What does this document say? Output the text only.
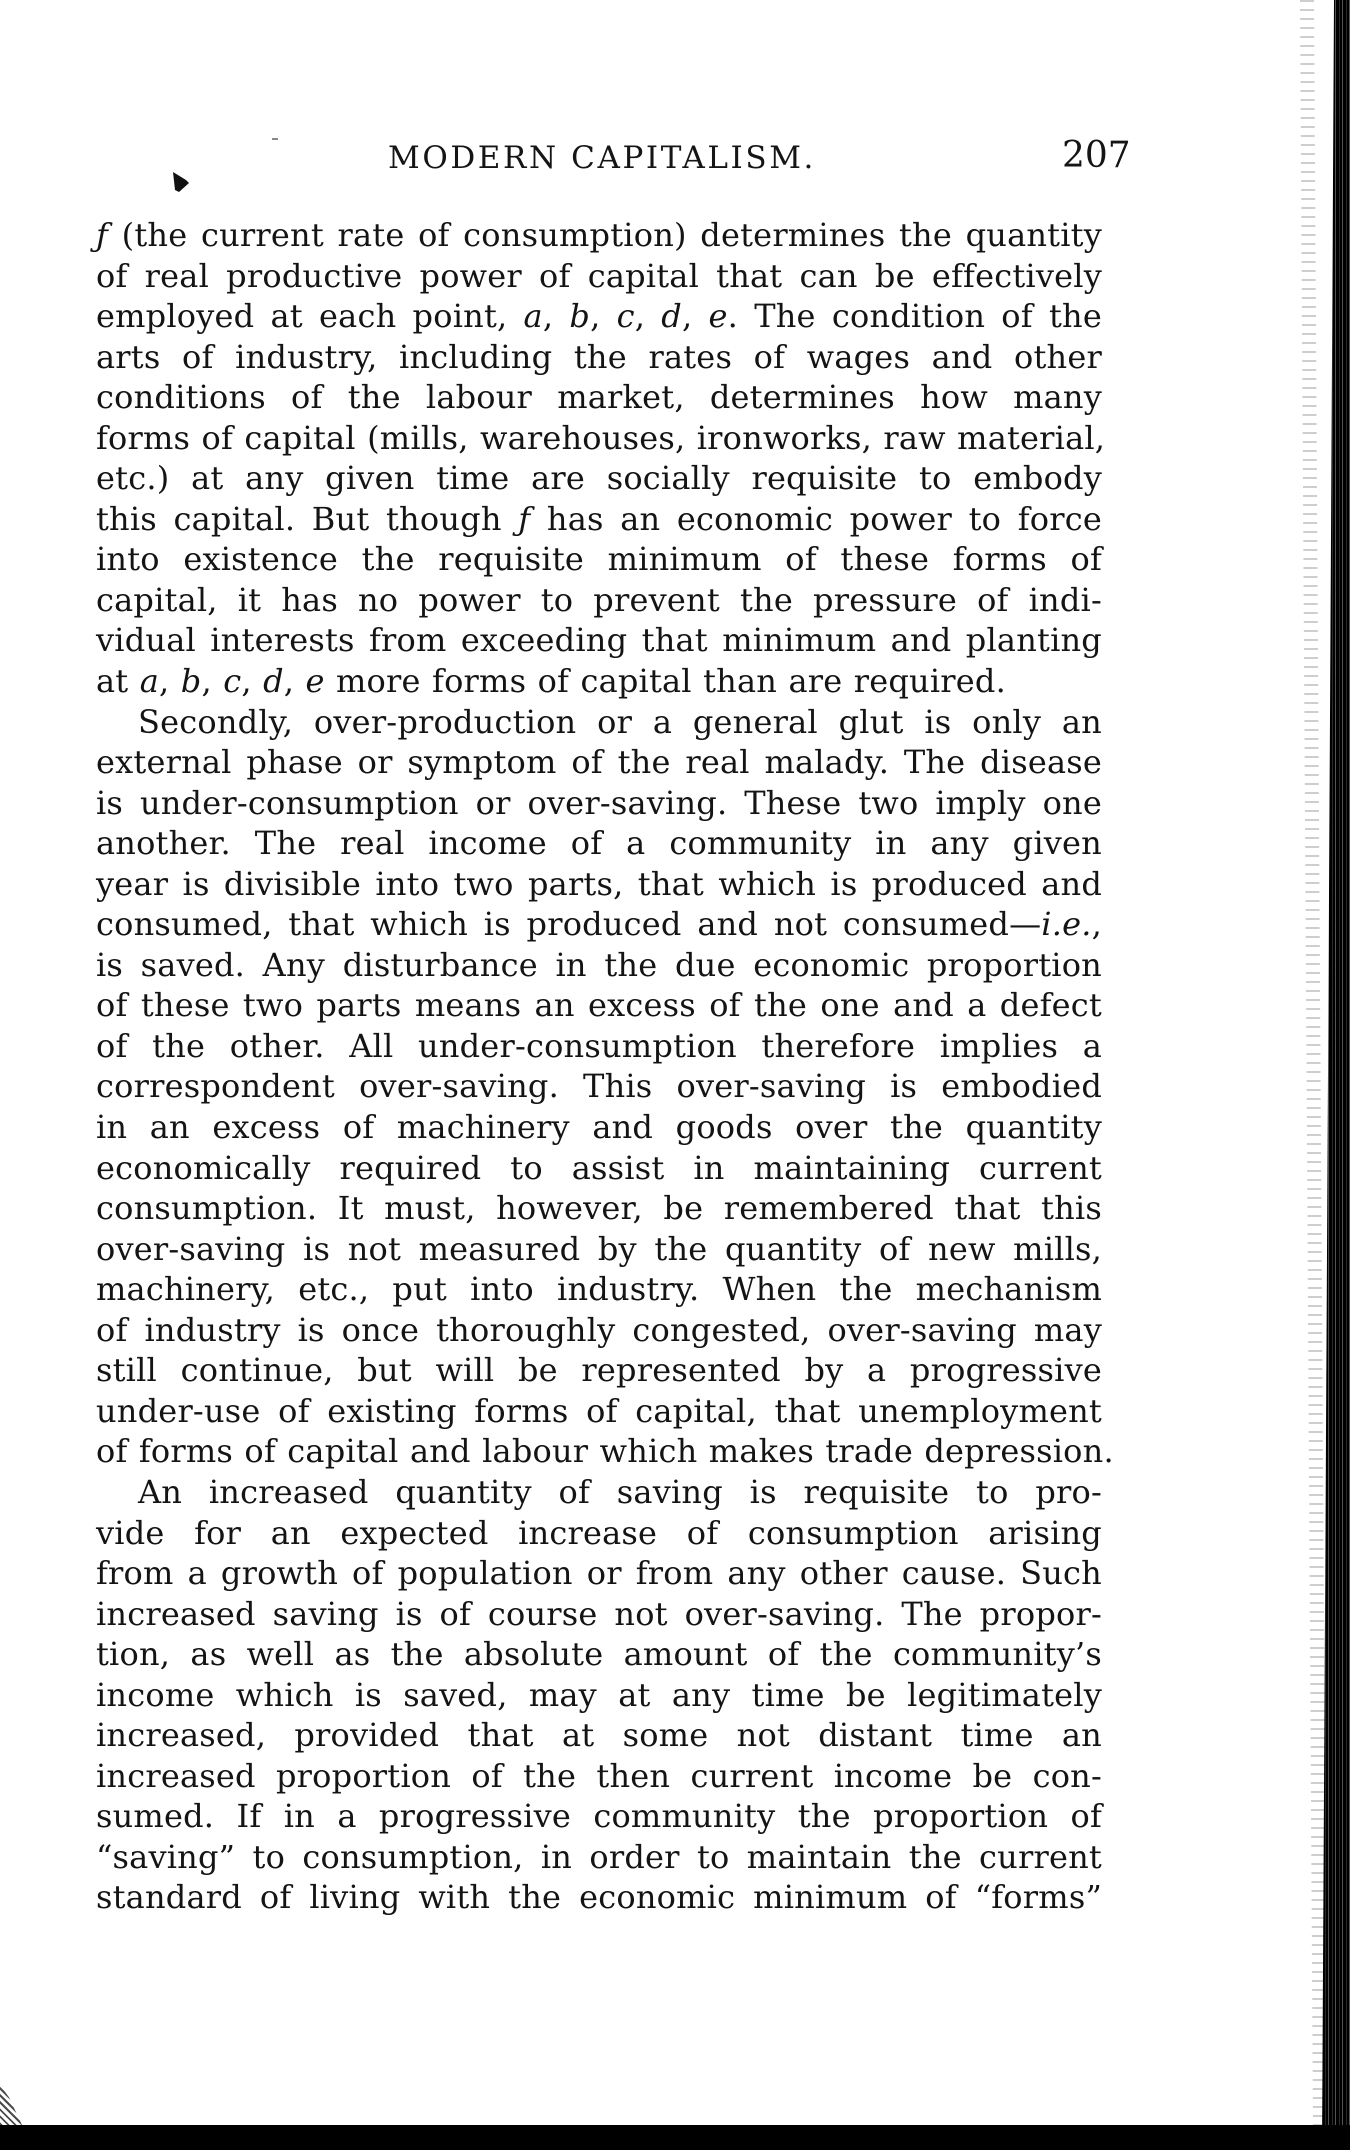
MODERN CAPITALISM.	207
ƒ (the current rate of consumption) determines the quantity
of real productive power of capital that can be effectively
employed at each point, a, b, c, d, e. The condition of the
arts of industry, including the rates of wages and other
conditions of the labour market, determines how many
forms of capital (mills, warehouses, ironworks, raw material,
etc.) at any given time are socially requisite to embody
this capital. But though ƒ has an economic power to force
into existence the requisite minimum of these forms of
capital, it has no power to prevent the pressure of indi-
vidual interests from exceeding that minimum and planting
at a, b, c, d, e more forms of capital than are required.
Secondly, over-production or a general glut is only an
external phase or symptom of the real malady. The disease
is under-consumption or over-saving. These two imply one
another. The real income of a community in any given
year is divisible into two parts, that which is produced and
consumed, that which is produced and not consumed—i.e.,
is saved. Any disturbance in the due economic proportion
of these two parts means an excess of the one and a defect
of the other. All under-consumption therefore implies a
correspondent over-saving. This over-saving is embodied
in an excess of machinery and goods over the quantity
economically required to assist in maintaining current
consumption. It must, however, be remembered that this
over-saving is not measured by the quantity of new mills,
machinery, etc., put into industry. When the mechanism
of industry is once thoroughly congested, over-saving may
still continue, but will be represented by a progressive
under-use of existing forms of capital, that unemployment
of forms of capital and labour which makes trade depression.
An increased quantity of saving is requisite to pro-
vide for an expected increase of consumption arising
from a growth of population or from any other cause. Such
increased saving is of course not over-saving. The propor-
tion, as well as the absolute amount of the community’s
income which is saved, may at any time be legitimately
increased, provided that at some not distant time an
increased proportion of the then current income be con-
sumed. If in a progressive community the proportion of
“saving” to consumption, in order to maintain the current
standard of living with the economic minimum of “forms”
